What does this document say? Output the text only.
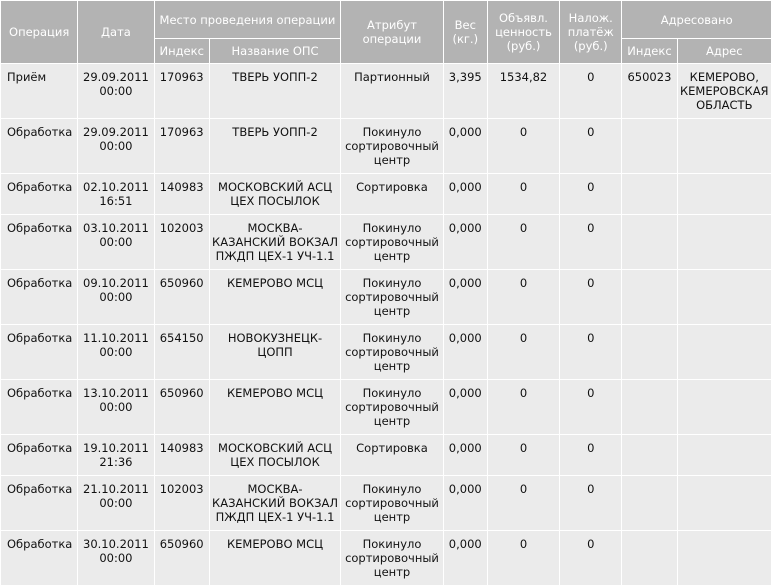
Операция	Дата	Место проведения операции		Атрибут операции	Вес (кг.)	Объявл. ценность (руб.)	Налож. платёж (руб.)	Адресовано	
		Индекс	Название ОПС					Индекс	Адрес
Приём	29.09.2011 00:00	170963	ТВЕРЬ УОПП-2	Партионный	3,395	1534,82	0	650023	КЕМЕРОВО, КЕМЕРОВСКАЯ ОБЛАСТЬ
Обработка	29.09.2011 00:00	170963	ТВЕРЬ УОПП-2	Покинуло сортировочный центр	0,000	0	0		
Обработка	02.10.2011 16:51	140983	МОСКОВСКИЙ АСЦ ЦЕХ ПОСЫЛОК	Сортировка	0,000	0	0		
Обработка	03.10.2011 00:00	102003	МОСКВА-КАЗАНСКИЙ ВОКЗАЛ ПЖДП ЦЕХ-1 УЧ-1.1	Покинуло сортировочный центр	0,000	0	0		
Обработка	09.10.2011 00:00	650960	КЕМЕРОВО МСЦ	Покинуло сортировочный центр	0,000	0	0		
Обработка	11.10.2011 00:00	654150	НОВОКУЗНЕЦК-ЦОПП	Покинуло сортировочный центр	0,000	0	0		
Обработка	13.10.2011 00:00	650960	КЕМЕРОВО МСЦ	Покинуло сортировочный центр	0,000	0	0		
Обработка	19.10.2011 21:36	140983	МОСКОВСКИЙ АСЦ ЦЕХ ПОСЫЛОК	Сортировка	0,000	0	0		
Обработка	21.10.2011 00:00	102003	МОСКВА-КАЗАНСКИЙ ВОКЗАЛ ПЖДП ЦЕХ-1 УЧ-1.1	Покинуло сортировочный центр	0,000	0	0		
Обработка	30.10.2011 00:00	650960	КЕМЕРОВО МСЦ	Покинуло сортировочный центр	0,000	0	0		
